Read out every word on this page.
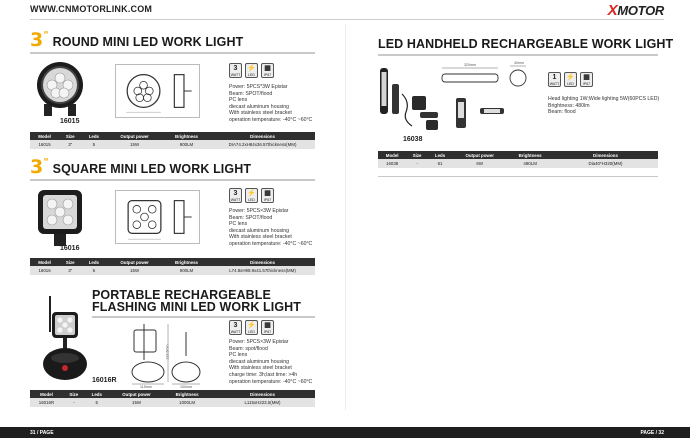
WWW.CNMOTORLINK.COM	XMOTOR
3" ROUND MINI LED WORK LIGHT
16015
3
WATT
⚡
LED
▦
IP67
Power: 5PCS*3W Epistar
Beam: SPOT/flood
PC lens
diecast aluminum housing
With stainless steel bracket
operation temperature: -40°C ~60°C
Model	Size	Leds	Output power	Brightness	Dimensions
16015	3"	5	15W	900LM	DIA74.2xH84x36.57thickness(MM)
3" SQUARE MINI LED WORK LIGHT
16016
3
WATT
⚡
LED
▦
IP67
Power: 5PCS×3W Epistar
Beam: SPOT/flood
PC lens
diecast aluminum housing
With stainless steel bracket
operation temperature: -40°C ~60°C
Model	Size	Leds	Output power	Brightness	Dimensions
16016	3"	5	15W	900LM	L74.8xH98.9x41.57thickness(MM)
PORTABLE RECHARGEABLE
FLASHING MINI LED WORK LIGHT
16016R
115mm
223.5mm
100mm
3
WATT
⚡
LED
▦
IP67
Power: 5PCS×3W Epistar
Beam: spot/flood
PC lens
diecast aluminum housing
With stainless steel bracket
charge time: 3h;last time: >4h
operation temperature: -40°C ~60°C
Model	Size	Leds	Output power	Brightness	Dimensions
16016R	-	5	15W	1000LM	L115xH223.5(MM)
LED HANDHELD RECHARGEABLE WORK LIGHT
16038
320mm	40mm
1
WATT
⚡
LED
▦
IP67
Head lighting 1W;Wide lighting 5W(60PCS LED)
Brightness: 480lm
Beam: flood
Model	Size	Leds	Output power	Brightness	Dimensions
16038	-	61	6W	480LM	Dia40*H320(MM)
31 / PAGE	PAGE / 32
